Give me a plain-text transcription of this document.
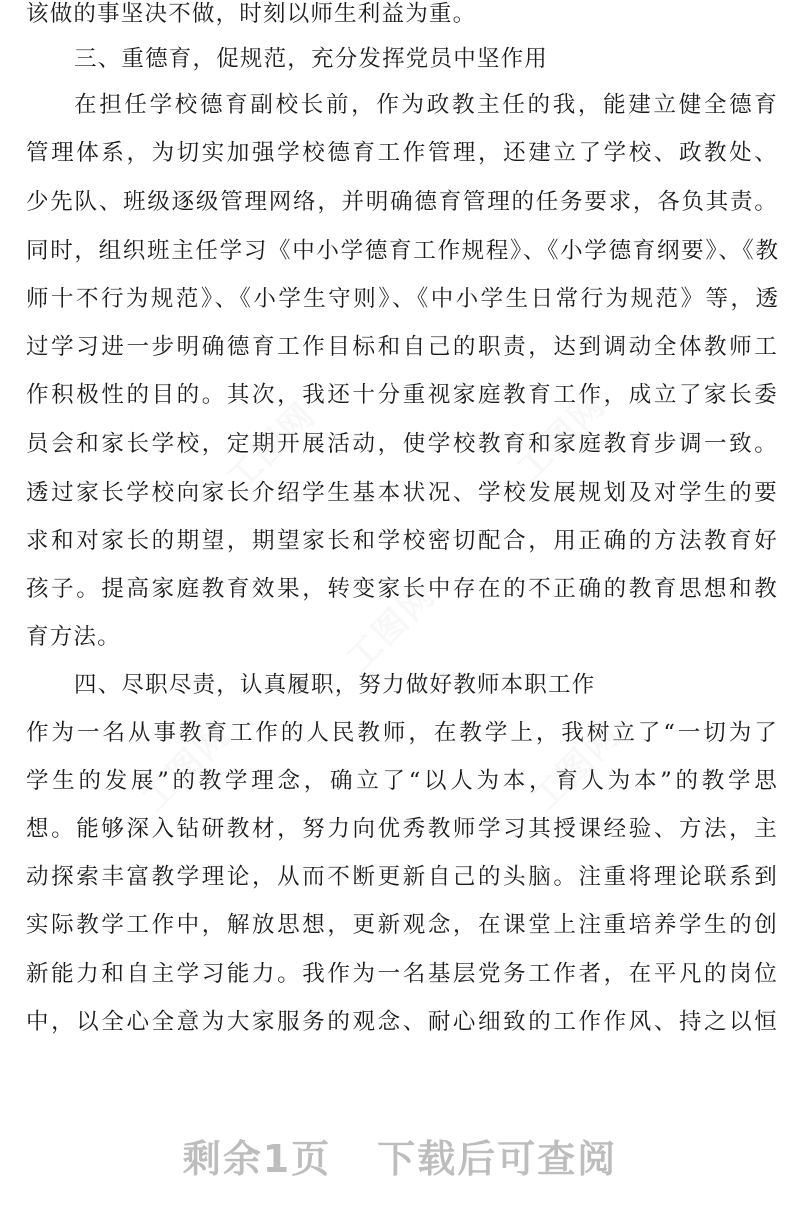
该做的事坚决不做，时刻以师生利益为重。
三、重德育，促规范，充分发挥党员中坚作用
在担任学校德育副校长前，作为政教主任的我，能建立健全德育
管理体系，为切实加强学校德育工作管理，还建立了学校、政教处、
少先队、班级逐级管理网络，并明确德育管理的任务要求，各负其责。
同时，组织班主任学习《中小学德育工作规程》、《小学德育纲要》、《教
师十不行为规范》、《小学生守则》、《中小学生日常行为规范》等，透
过学习进一步明确德育工作目标和自己的职责，达到调动全体教师工
作积极性的目的。其次，我还十分重视家庭教育工作，成立了家长委
员会和家长学校，定期开展活动，使学校教育和家庭教育步调一致。
透过家长学校向家长介绍学生基本状况、学校发展规划及对学生的要
求和对家长的期望，期望家长和学校密切配合，用正确的方法教育好
孩子。提高家庭教育效果，转变家长中存在的不正确的教育思想和教
育方法。
四、尽职尽责，认真履职，努力做好教师本职工作
作为一名从事教育工作的人民教师，在教学上，我树立了“一切为了
学生的发展”的教学理念，确立了“以人为本，育人为本”的教学思
想。能够深入钻研教材，努力向优秀教师学习其授课经验、方法，主
动探索丰富教学理论，从而不断更新自己的头脑。注重将理论联系到
实际教学工作中，解放思想，更新观念，在课堂上注重培养学生的创
新能力和自主学习能力。我作为一名基层党务工作者，在平凡的岗位
中，以全心全意为大家服务的观念、耐心细致的工作作风、持之以恒
工图网	工图网
工图网
工图网	工图网
剩余1页 下载后可查阅
